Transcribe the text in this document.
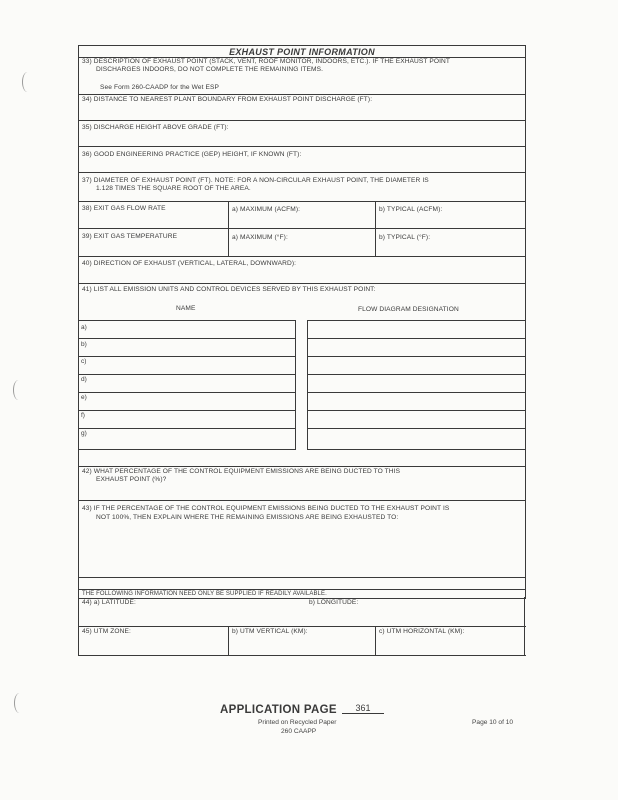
EXHAUST POINT INFORMATION
33) DESCRIPTION OF EXHAUST POINT (STACK, VENT, ROOF MONITOR, INDOORS, ETC.). IF THE EXHAUST POINT
DISCHARGES INDOORS, DO NOT COMPLETE THE REMAINING ITEMS.
See Form 260-CAADP for the Wet ESP
34) DISTANCE TO NEAREST PLANT BOUNDARY FROM EXHAUST POINT DISCHARGE (FT):
35) DISCHARGE HEIGHT ABOVE GRADE (FT):
36) GOOD ENGINEERING PRACTICE (GEP) HEIGHT, IF KNOWN (FT):
37) DIAMETER OF EXHAUST POINT (FT). NOTE: FOR A NON-CIRCULAR EXHAUST POINT, THE DIAMETER IS
1.128 TIMES THE SQUARE ROOT OF THE AREA.
38) EXIT GAS FLOW RATE	a) MAXIMUM (ACFM):	b) TYPICAL (ACFM):
39) EXIT GAS TEMPERATURE	a) MAXIMUM (°F):	b) TYPICAL (°F):
40) DIRECTION OF EXHAUST (VERTICAL, LATERAL, DOWNWARD):
41) LIST ALL EMISSION UNITS AND CONTROL DEVICES SERVED BY THIS EXHAUST POINT:
NAME	FLOW DIAGRAM DESIGNATION
a)
b)
c)
d)
e)
f)
g)
42) WHAT PERCENTAGE OF THE CONTROL EQUIPMENT EMISSIONS ARE BEING DUCTED TO THIS
EXHAUST POINT (%)?
43) IF THE PERCENTAGE OF THE CONTROL EQUIPMENT EMISSIONS BEING DUCTED TO THE EXHAUST POINT IS
NOT 100%, THEN EXPLAIN WHERE THE REMAINING EMISSIONS ARE BEING EXHAUSTED TO:
THE FOLLOWING INFORMATION NEED ONLY BE SUPPLIED IF READILY AVAILABLE.
44) a) LATITUDE:	b) LONGITUDE:
45) UTM ZONE:	b) UTM VERTICAL (KM):	c) UTM HORIZONTAL (KM):
APPLICATION PAGE	361
Printed on Recycled Paper
260 CAAPP
Page 10 of 10
